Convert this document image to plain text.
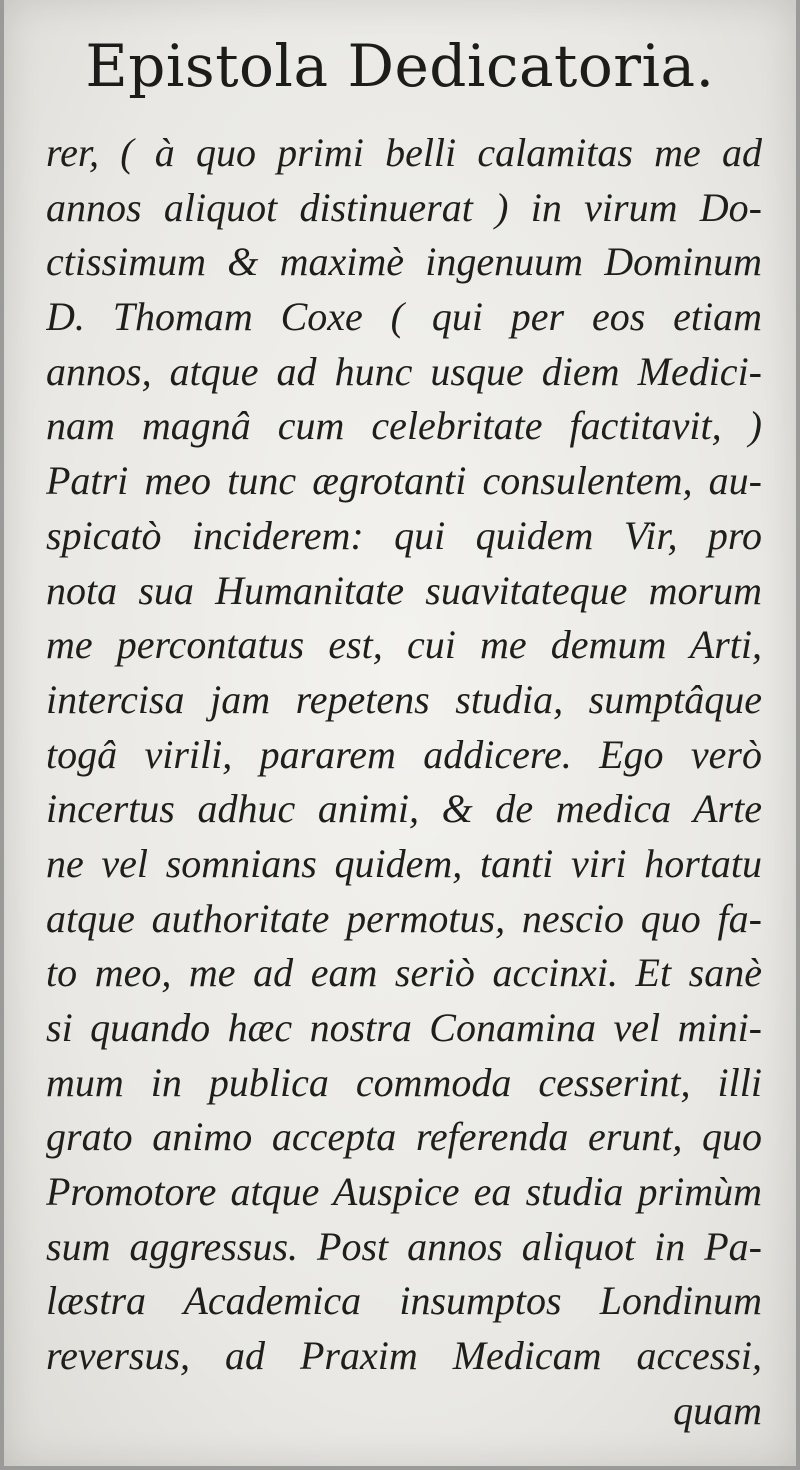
Epistola Dedicatoria.
rer, ( à quo primi belli calamitas me ad
annos aliquot distinuerat ) in virum Do-
ctissimum & maximè ingenuum Dominum
D. Thomam Coxe ( qui per eos etiam
annos, atque ad hunc usque diem Medici-
nam magnâ cum celebritate factitavit, )
Patri meo tunc ægrotanti consulentem, au-
spicatò inciderem: qui quidem Vir, pro
nota sua Humanitate suavitateque morum
me percontatus est, cui me demum Arti,
intercisa jam repetens studia, sumptâque
togâ virili, pararem addicere. Ego verò
incertus adhuc animi, & de medica Arte
ne vel somnians quidem, tanti viri hortatu
atque authoritate permotus, nescio quo fa-
to meo, me ad eam seriò accinxi. Et sanè
si quando hæc nostra Conamina vel mini-
mum in publica commoda cesserint, illi
grato animo accepta referenda erunt, quo
Promotore atque Auspice ea studia primùm
sum aggressus. Post annos aliquot in Pa-
læstra Academica insumptos Londinum
reversus, ad Praxim Medicam accessi,
quam
